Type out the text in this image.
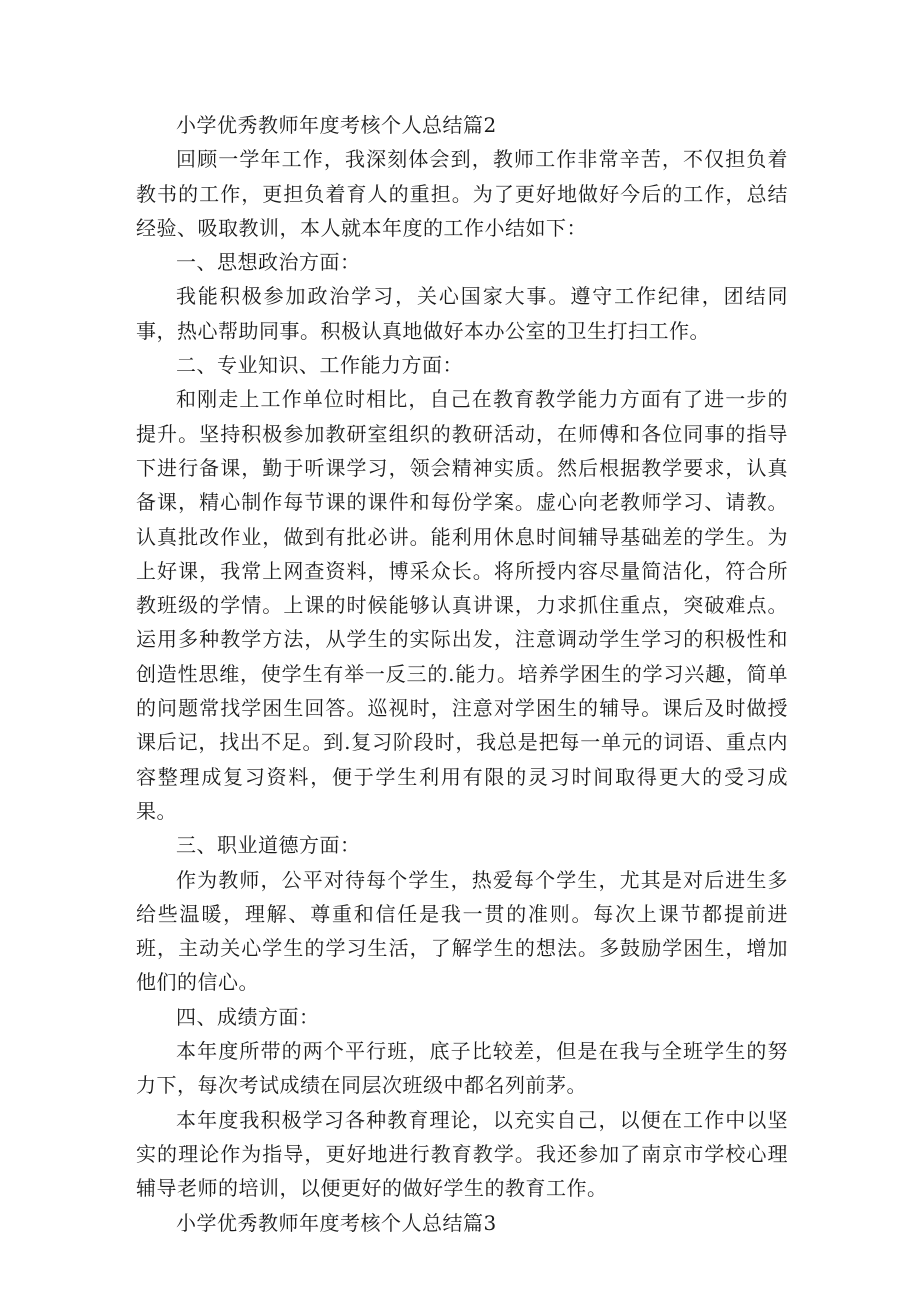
小学优秀教师年度考核个人总结篇2

回顾一学年工作，我深刻体会到，教师工作非常辛苦，不仅担负着教书的工作，更担负着育人的重担。为了更好地做好今后的工作，总结经验、吸取教训，本人就本年度的工作小结如下：

一、思想政治方面：

我能积极参加政治学习，关心国家大事。遵守工作纪律，团结同事，热心帮助同事。积极认真地做好本办公室的卫生打扫工作。

二、专业知识、工作能力方面：

和刚走上工作单位时相比，自己在教育教学能力方面有了进一步的提升。坚持积极参加教研室组织的教研活动，在师傅和各位同事的指导下进行备课，勤于听课学习，领会精神实质。然后根据教学要求，认真备课，精心制作每节课的课件和每份学案。虚心向老教师学习、请教。认真批改作业，做到有批必讲。能利用休息时间辅导基础差的学生。为上好课，我常上网查资料，博采众长。将所授内容尽量简洁化，符合所教班级的学情。上课的时候能够认真讲课，力求抓住重点，突破难点。运用多种教学方法，从学生的实际出发，注意调动学生学习的积极性和创造性思维，使学生有举一反三的.能力。培养学困生的学习兴趣，简单的问题常找学困生回答。巡视时，注意对学困生的辅导。课后及时做授课后记，找出不足。到.复习阶段时，我总是把每一单元的词语、重点内容整理成复习资料，便于学生利用有限的灵习时间取得更大的受习成果。

三、职业道德方面：

作为教师，公平对待每个学生，热爱每个学生，尤其是对后进生多给些温暖，理解、尊重和信任是我一贯的准则。每次上课节都提前进班，主动关心学生的学习生活，了解学生的想法。多鼓励学困生，增加他们的信心。

四、成绩方面：

本年度所带的两个平行班，底子比较差，但是在我与全班学生的努力下，每次考试成绩在同层次班级中都名列前茅。

本年度我积极学习各种教育理论，以充实自己，以便在工作中以坚实的理论作为指导，更好地进行教育教学。我还参加了南京市学校心理辅导老师的培训，以便更好的做好学生的教育工作。

小学优秀教师年度考核个人总结篇3
